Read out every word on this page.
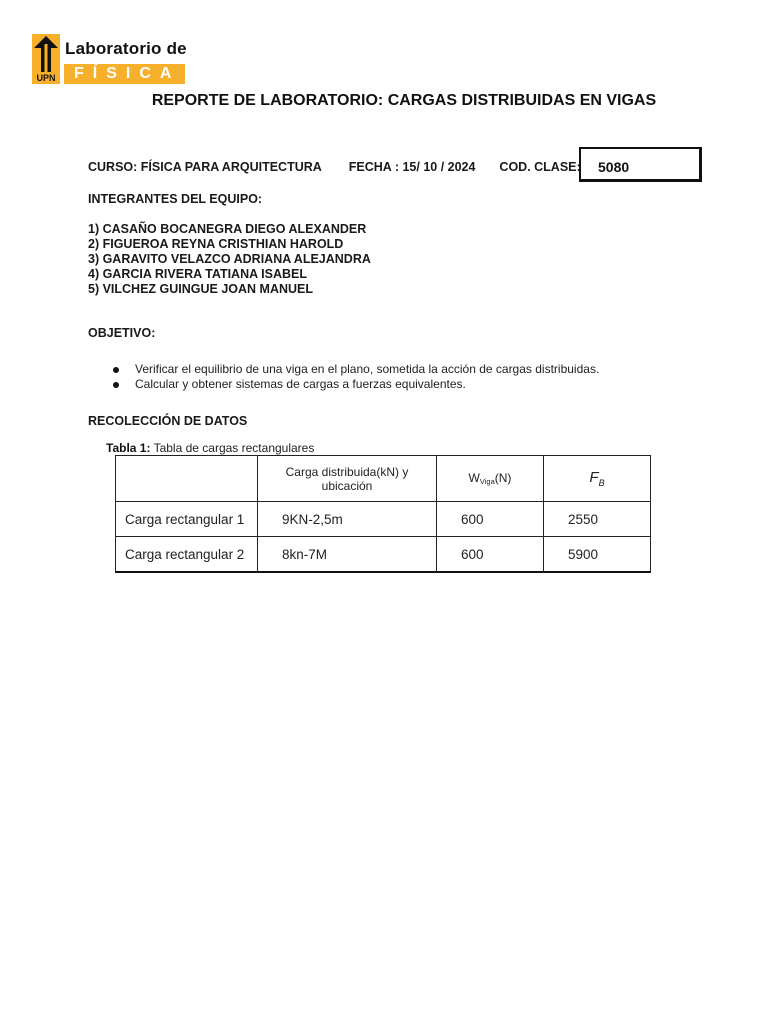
UPN
Laboratorio de
FÍSICA
REPORTE DE LABORATORIO: CARGAS DISTRIBUIDAS EN VIGAS
CURSO: FÍSICA PARA ARQUITECTURA FECHA : 15/ 10 / 2024 COD. CLASE: 5080
INTEGRANTES DEL EQUIPO:
1) CASAÑO BOCANEGRA DIEGO ALEXANDER
2) FIGUEROA REYNA CRISTHIAN HAROLD
3) GARAVITO VELAZCO ADRIANA ALEJANDRA
4) GARCIA RIVERA TATIANA ISABEL
5) VILCHEZ GUINGUE JOAN MANUEL
OBJETIVO:
Verificar el equilibrio de una viga en el plano, sometida la acción de cargas distribuidas.
Calcular y obtener sistemas de cargas a fuerzas equivalentes.
RECOLECCIÓN DE DATOS
Tabla 1: Tabla de cargas rectangulares
	Carga distribuida(kN) y
ubicación	$W_{Viga}(N)$	$F_B$
Carga rectangular 1	9KN-2,5m	600	2550
Carga rectangular 2	8kn-7M	600	5900
